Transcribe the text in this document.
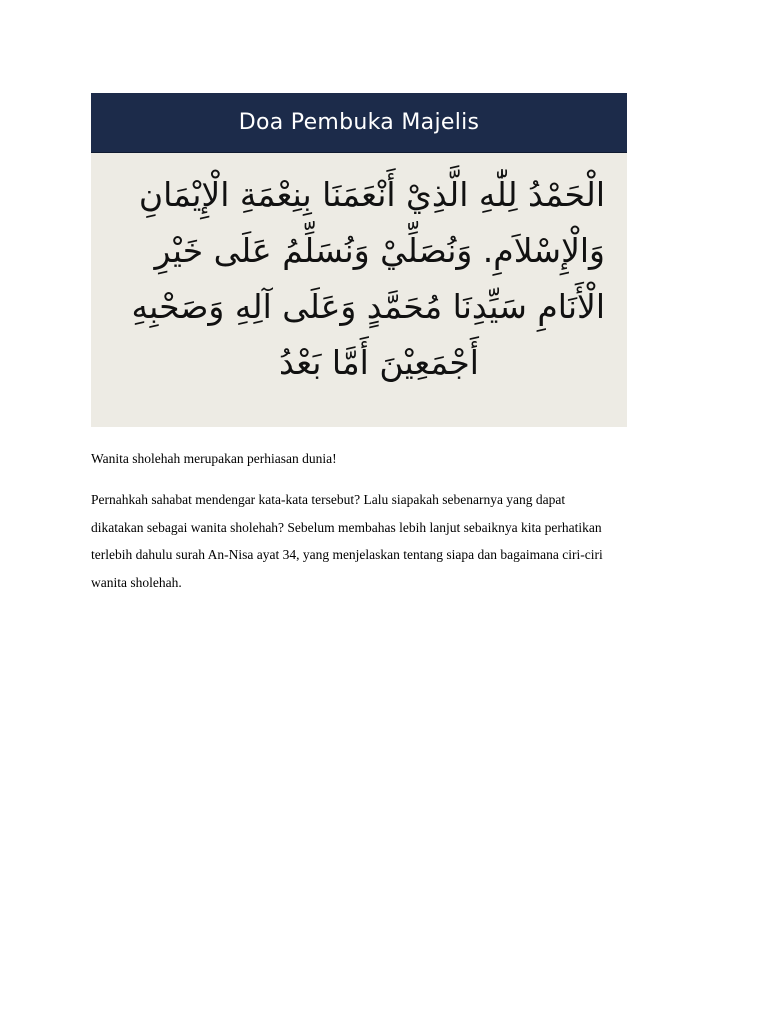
Doa Pembuka Majelis
الْحَمْدُ لِلّٰهِ الَّذِيْ أَنْعَمَنَا بِنِعْمَةِ الْإِيْمَانِ
وَالْإِسْلاَمِ. وَنُصَلِّيْ وَنُسَلِّمُ عَلَى خَيْرِ
الْأَنَامِ سَيِّدِنَا مُحَمَّدٍ وَعَلَى آلِهِ وَصَحْبِهِ
أَجْمَعِيْنَ أَمَّا بَعْدُ
Wanita sholehah merupakan perhiasan dunia!
Pernahkah sahabat mendengar kata-kata tersebut? Lalu siapakah sebenarnya yang dapat
dikatakan sebagai wanita sholehah? Sebelum membahas lebih lanjut sebaiknya kita perhatikan
terlebih dahulu surah An-Nisa ayat 34, yang menjelaskan tentang siapa dan bagaimana ciri-ciri
wanita sholehah.
